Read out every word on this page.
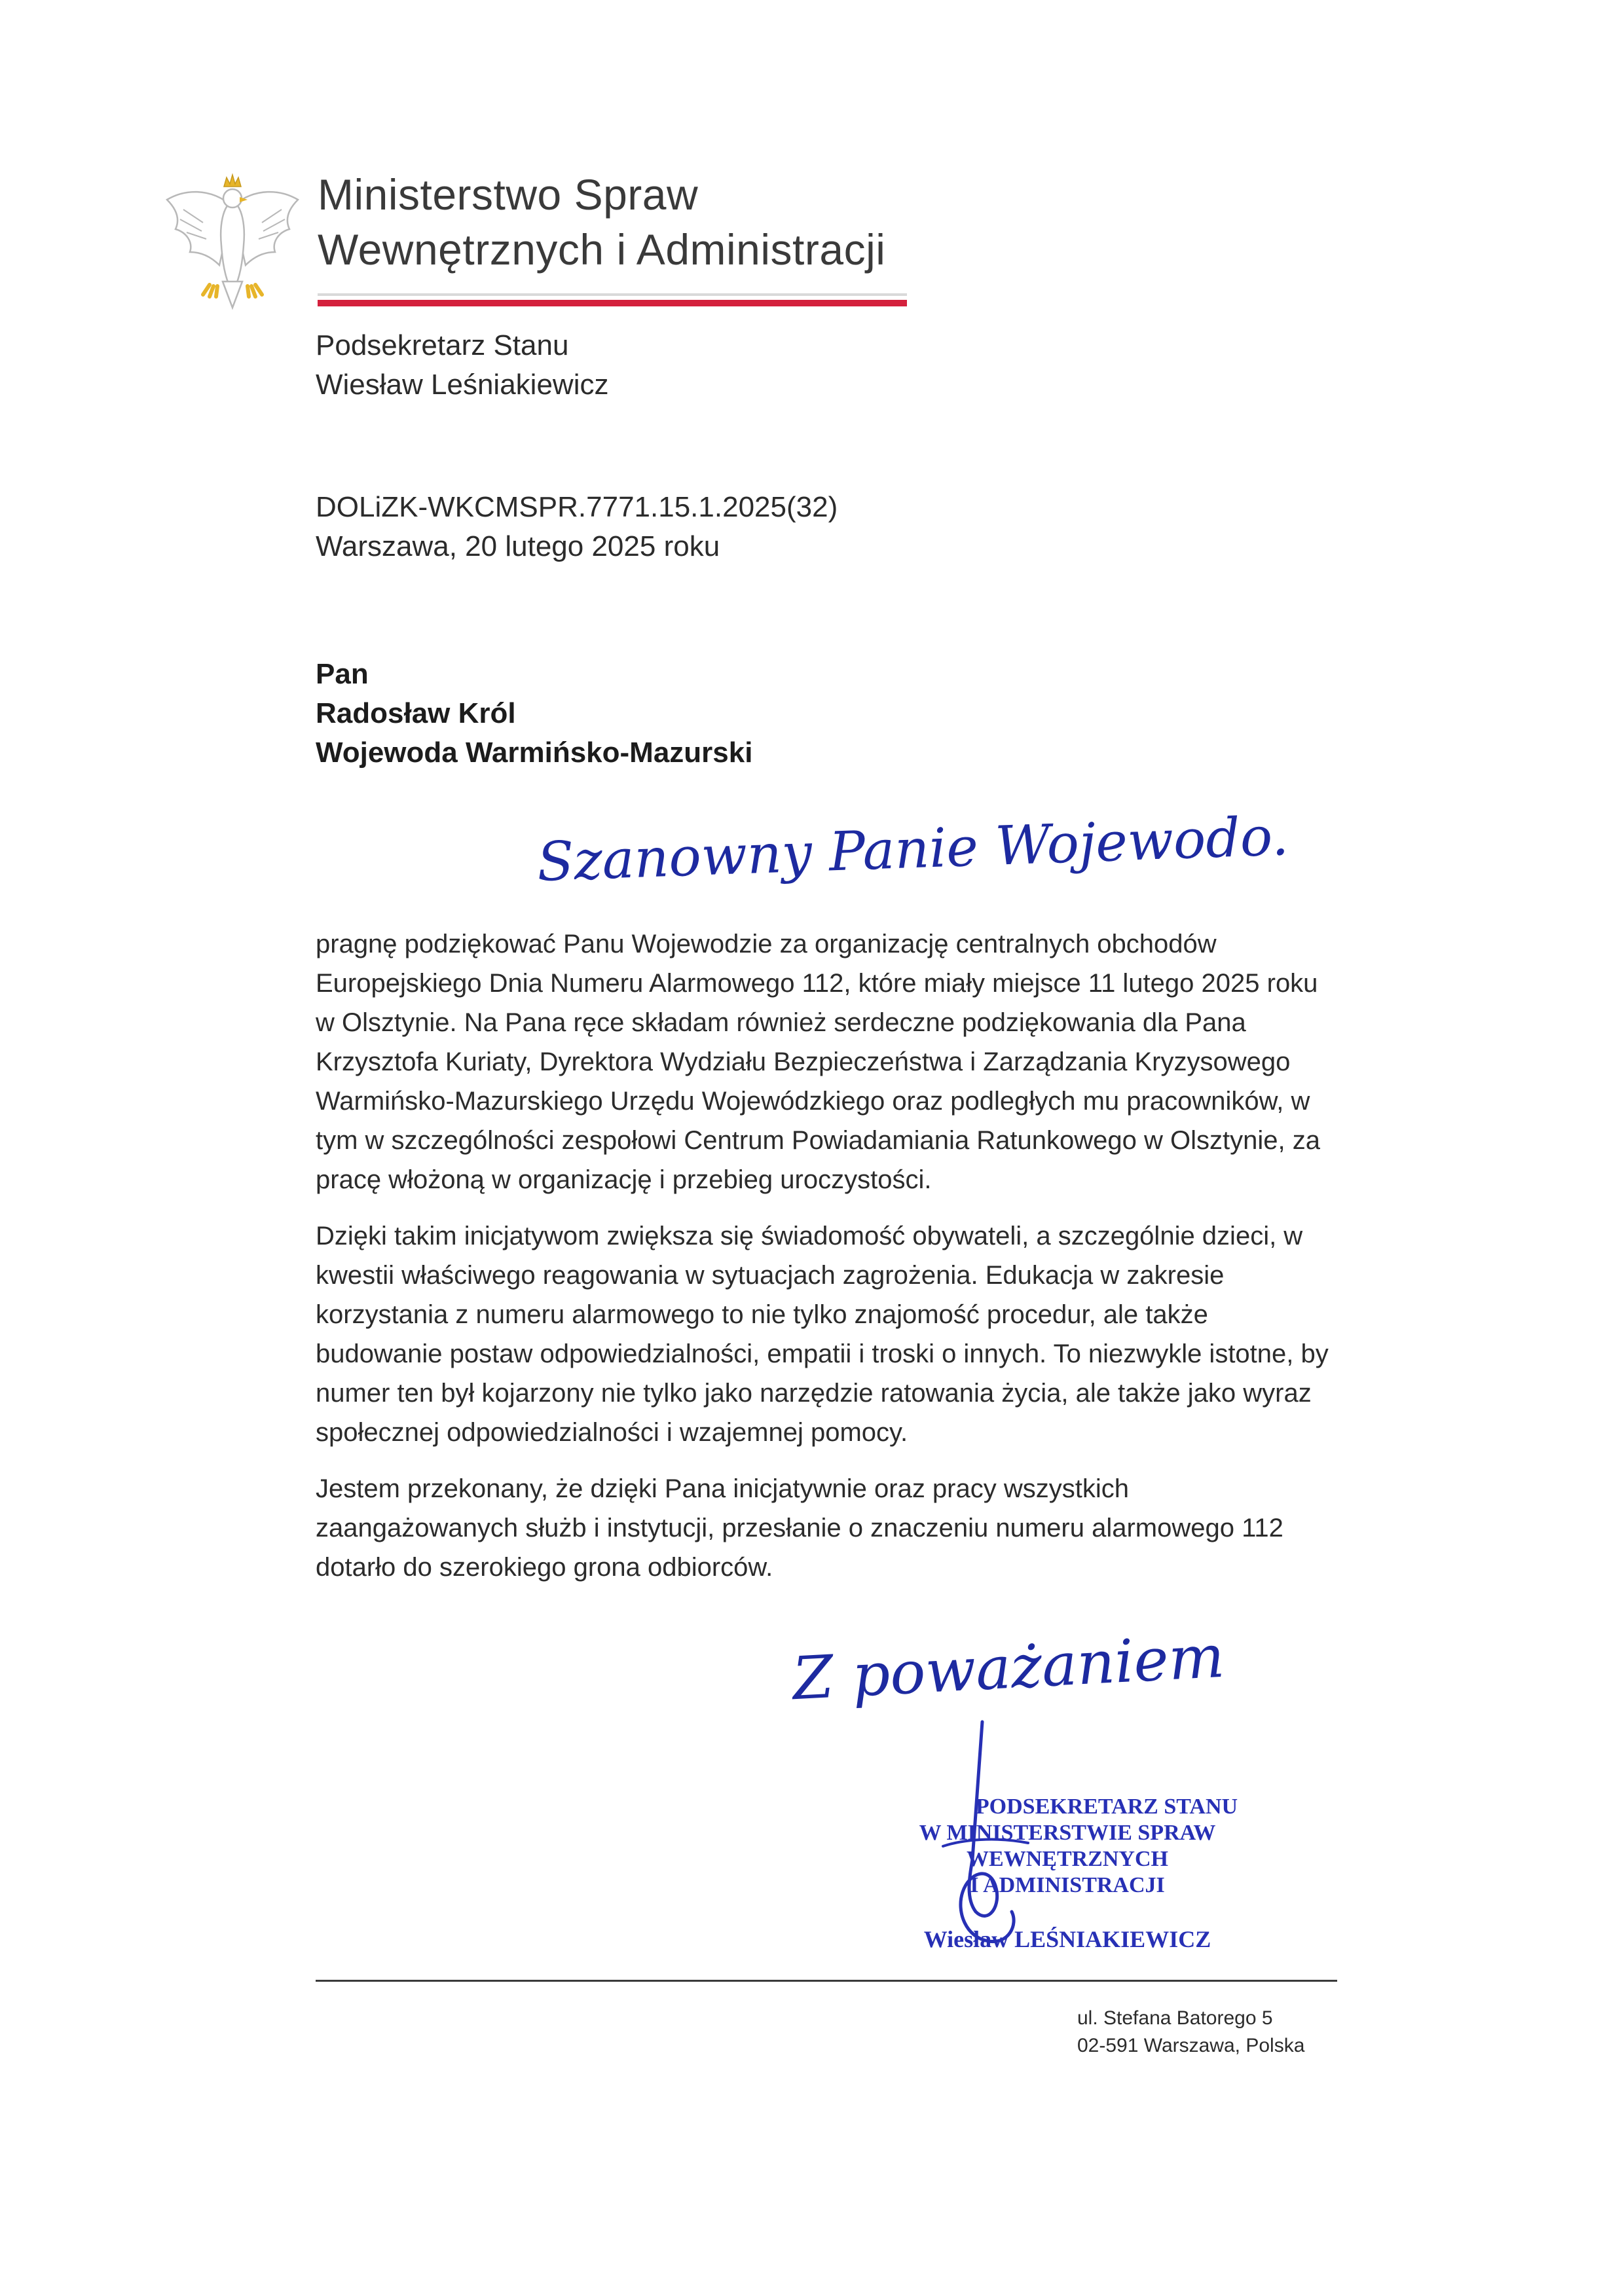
Ministerstwo Spraw
Wewnętrznych i Administracji
Podsekretarz Stanu
Wiesław Leśniakiewicz
DOLiZK-WKCMSPR.7771.15.1.2025(32)
Warszawa, 20 lutego 2025 roku
Pan
Radosław Król
Wojewoda Warmińsko-Mazurski
Szanowny Panie Wojewodo.

pragnę podziękować Panu Wojewodzie za organizację centralnych obchodów Europejskiego Dnia Numeru Alarmowego 112, które miały miejsce 11 lutego 2025 roku w Olsztynie. Na Pana ręce składam również serdeczne podziękowania dla Pana Krzysztofa Kuriaty, Dyrektora Wydziału Bezpieczeństwa i Zarządzania Kryzysowego Warmińsko-Mazurskiego Urzędu Wojewódzkiego oraz podległych mu pracowników, w tym w szczególności zespołowi Centrum Powiadamiania Ratunkowego w Olsztynie, za pracę włożoną w organizację i przebieg uroczystości.

Dzięki takim inicjatywom zwiększa się świadomość obywateli, a szczególnie dzieci, w kwestii właściwego reagowania w sytuacjach zagrożenia. Edukacja w zakresie korzystania z numeru alarmowego to nie tylko znajomość procedur, ale także budowanie postaw odpowiedzialności, empatii i troski o innych. To niezwykle istotne, by numer ten był kojarzony nie tylko jako narzędzie ratowania życia, ale także jako wyraz społecznej odpowiedzialności i wzajemnej pomocy.

Jestem przekonany, że dzięki Pana inicjatywnie oraz pracy wszystkich zaangażowanych służb i instytucji, przesłanie o znaczeniu numeru alarmowego 112 dotarło do szerokiego grona odbiorców.

Z poważaniem
PODSEKRETARZ STANU
W MINISTERSTWIE SPRAW WEWNĘTRZNYCH
I ADMINISTRACJI
Wiesław LEŚNIAKIEWICZ
ul. Stefana Batorego 5
02-591 Warszawa, Polska
